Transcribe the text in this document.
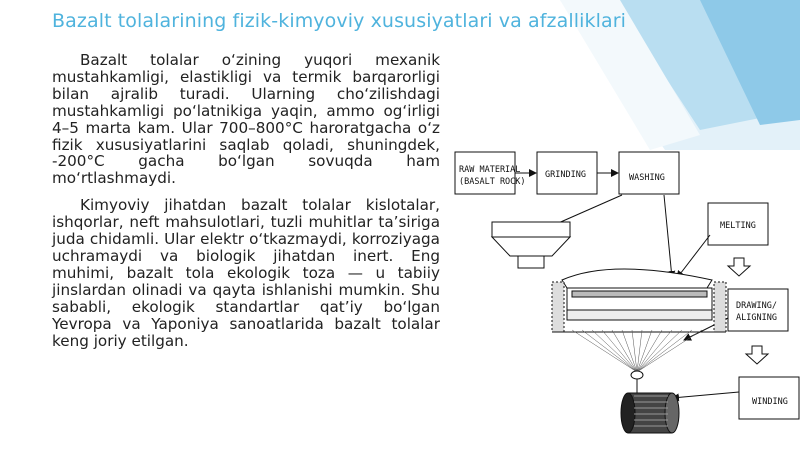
Bazalt tolalarining fizik-kimyoviy xususiyatlari va afzalliklari

Bazalt tolalar o‘zining yuqori mexanik mustahkamligi, elastikligi va termik barqarorligi bilan ajralib turadi. Ularning cho‘zilishdagi mustahkamligi po‘latnikiga yaqin, ammo og‘irligi 4–5 marta kam. Ular 700–800°C haroratgacha o‘z fizik xususiyatlarini saqlab qoladi, shuningdek, -200°C gacha bo‘lgan sovuqda ham mo‘rtlashmaydi.

Kimyoviy jihatdan bazalt tolalar kislotalar, ishqorlar, neft mahsulotlari, tuzli muhitlar ta’siriga juda chidamli. Ular elektr o‘tkazmaydi, korroziyaga uchramaydi va biologik jihatdan inert. Eng muhimi, bazalt tola ekologik toza — u tabiiy jinslardan olinadi va qayta ishlanishi mumkin. Shu sababli, ekologik standartlar qat’iy bo‘lgan Yevropa va Yaponiya sanoatlarida bazalt tolalar keng joriy etilgan.

RAW MATERIAL
(BASALT ROCK)
GRINDING	WASHING
MELTING
DRAWING/
ALIGNING
WINDING
